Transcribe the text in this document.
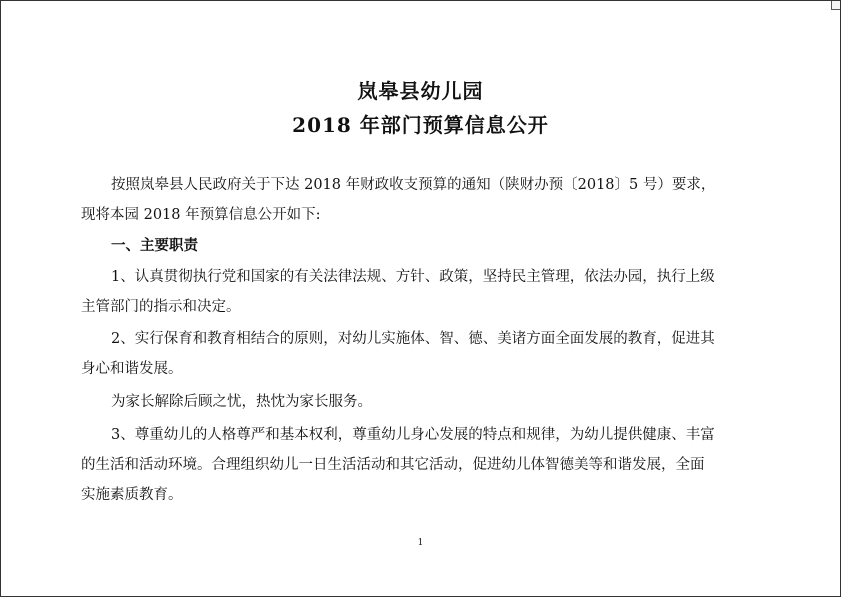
岚皋县幼儿园
2018 年部门预算信息公开
按照岚皋县人民政府关于下达 2018 年财政收支预算的通知（陕财办预〔2018〕5 号）要求，
现将本园 2018 年预算信息公开如下:
一、主要职责
1、认真贯彻执行党和国家的有关法律法规、方针、政策，坚持民主管理，依法办园，执行上级
主管部门的指示和决定。
2、实行保育和教育相结合的原则，对幼儿实施体、智、德、美诸方面全面发展的教育，促进其
身心和谐发展。
为家长解除后顾之忧，热忱为家长服务。
3、尊重幼儿的人格尊严和基本权利，尊重幼儿身心发展的特点和规律，为幼儿提供健康、丰富
的生活和活动环境。合理组织幼儿一日生活活动和其它活动，促进幼儿体智德美等和谐发展，全面
实施素质教育。
1
